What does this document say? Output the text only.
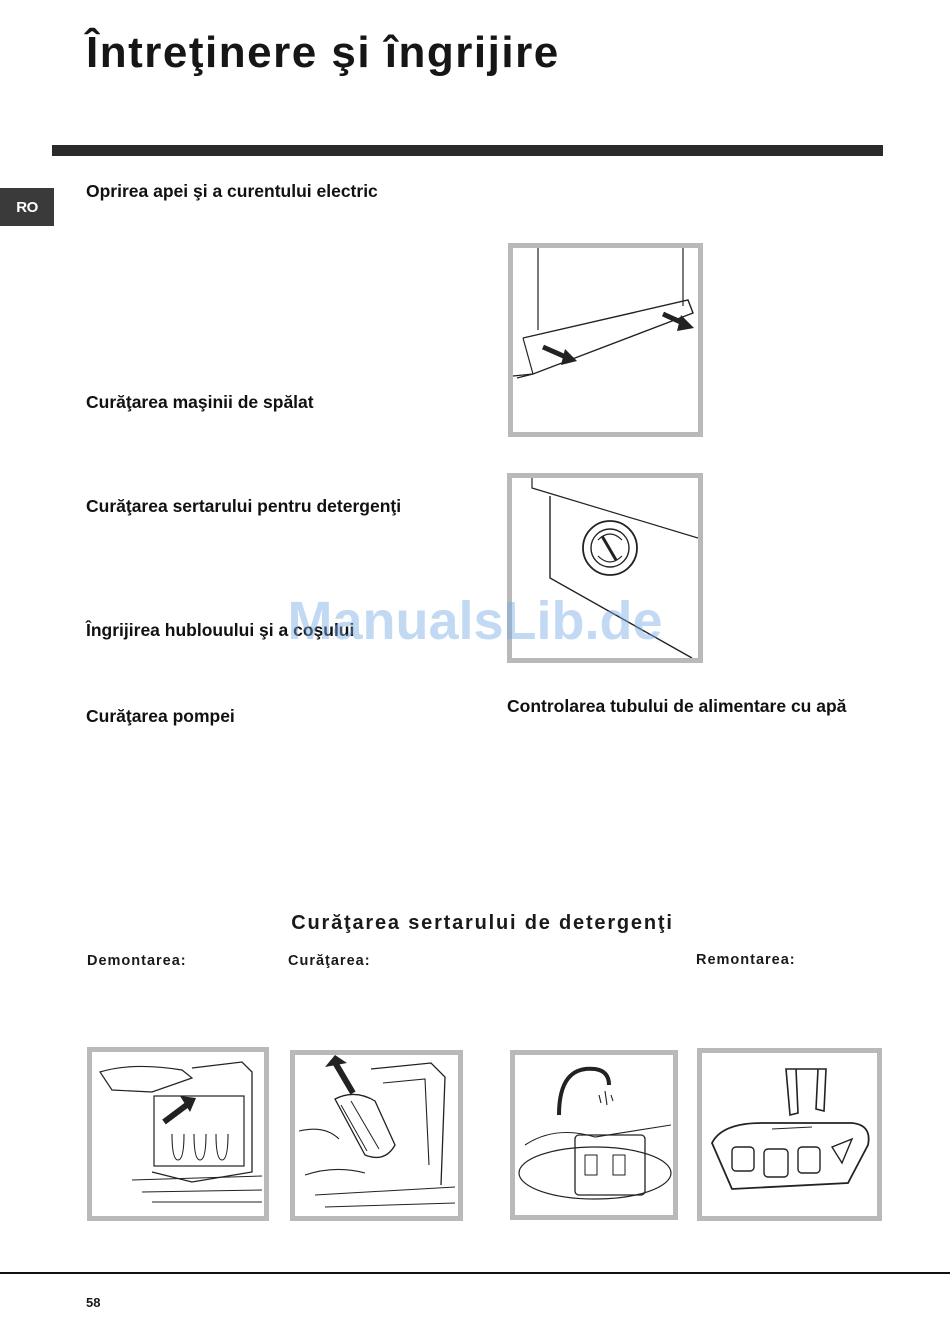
Întreţinere şi îngrijire
RO
Oprirea apei şi a curentului electric
Curăţarea maşinii de spălat
Curăţarea sertarului pentru detergenţi
Îngrijirea hublouului şi a coşului
Curăţarea pompei	Controlarea tubului de alimentare cu apă
ManualsLib.de
Curăţarea sertarului de detergenţi
Demontarea:	Curăţarea:	Remontarea:
58
